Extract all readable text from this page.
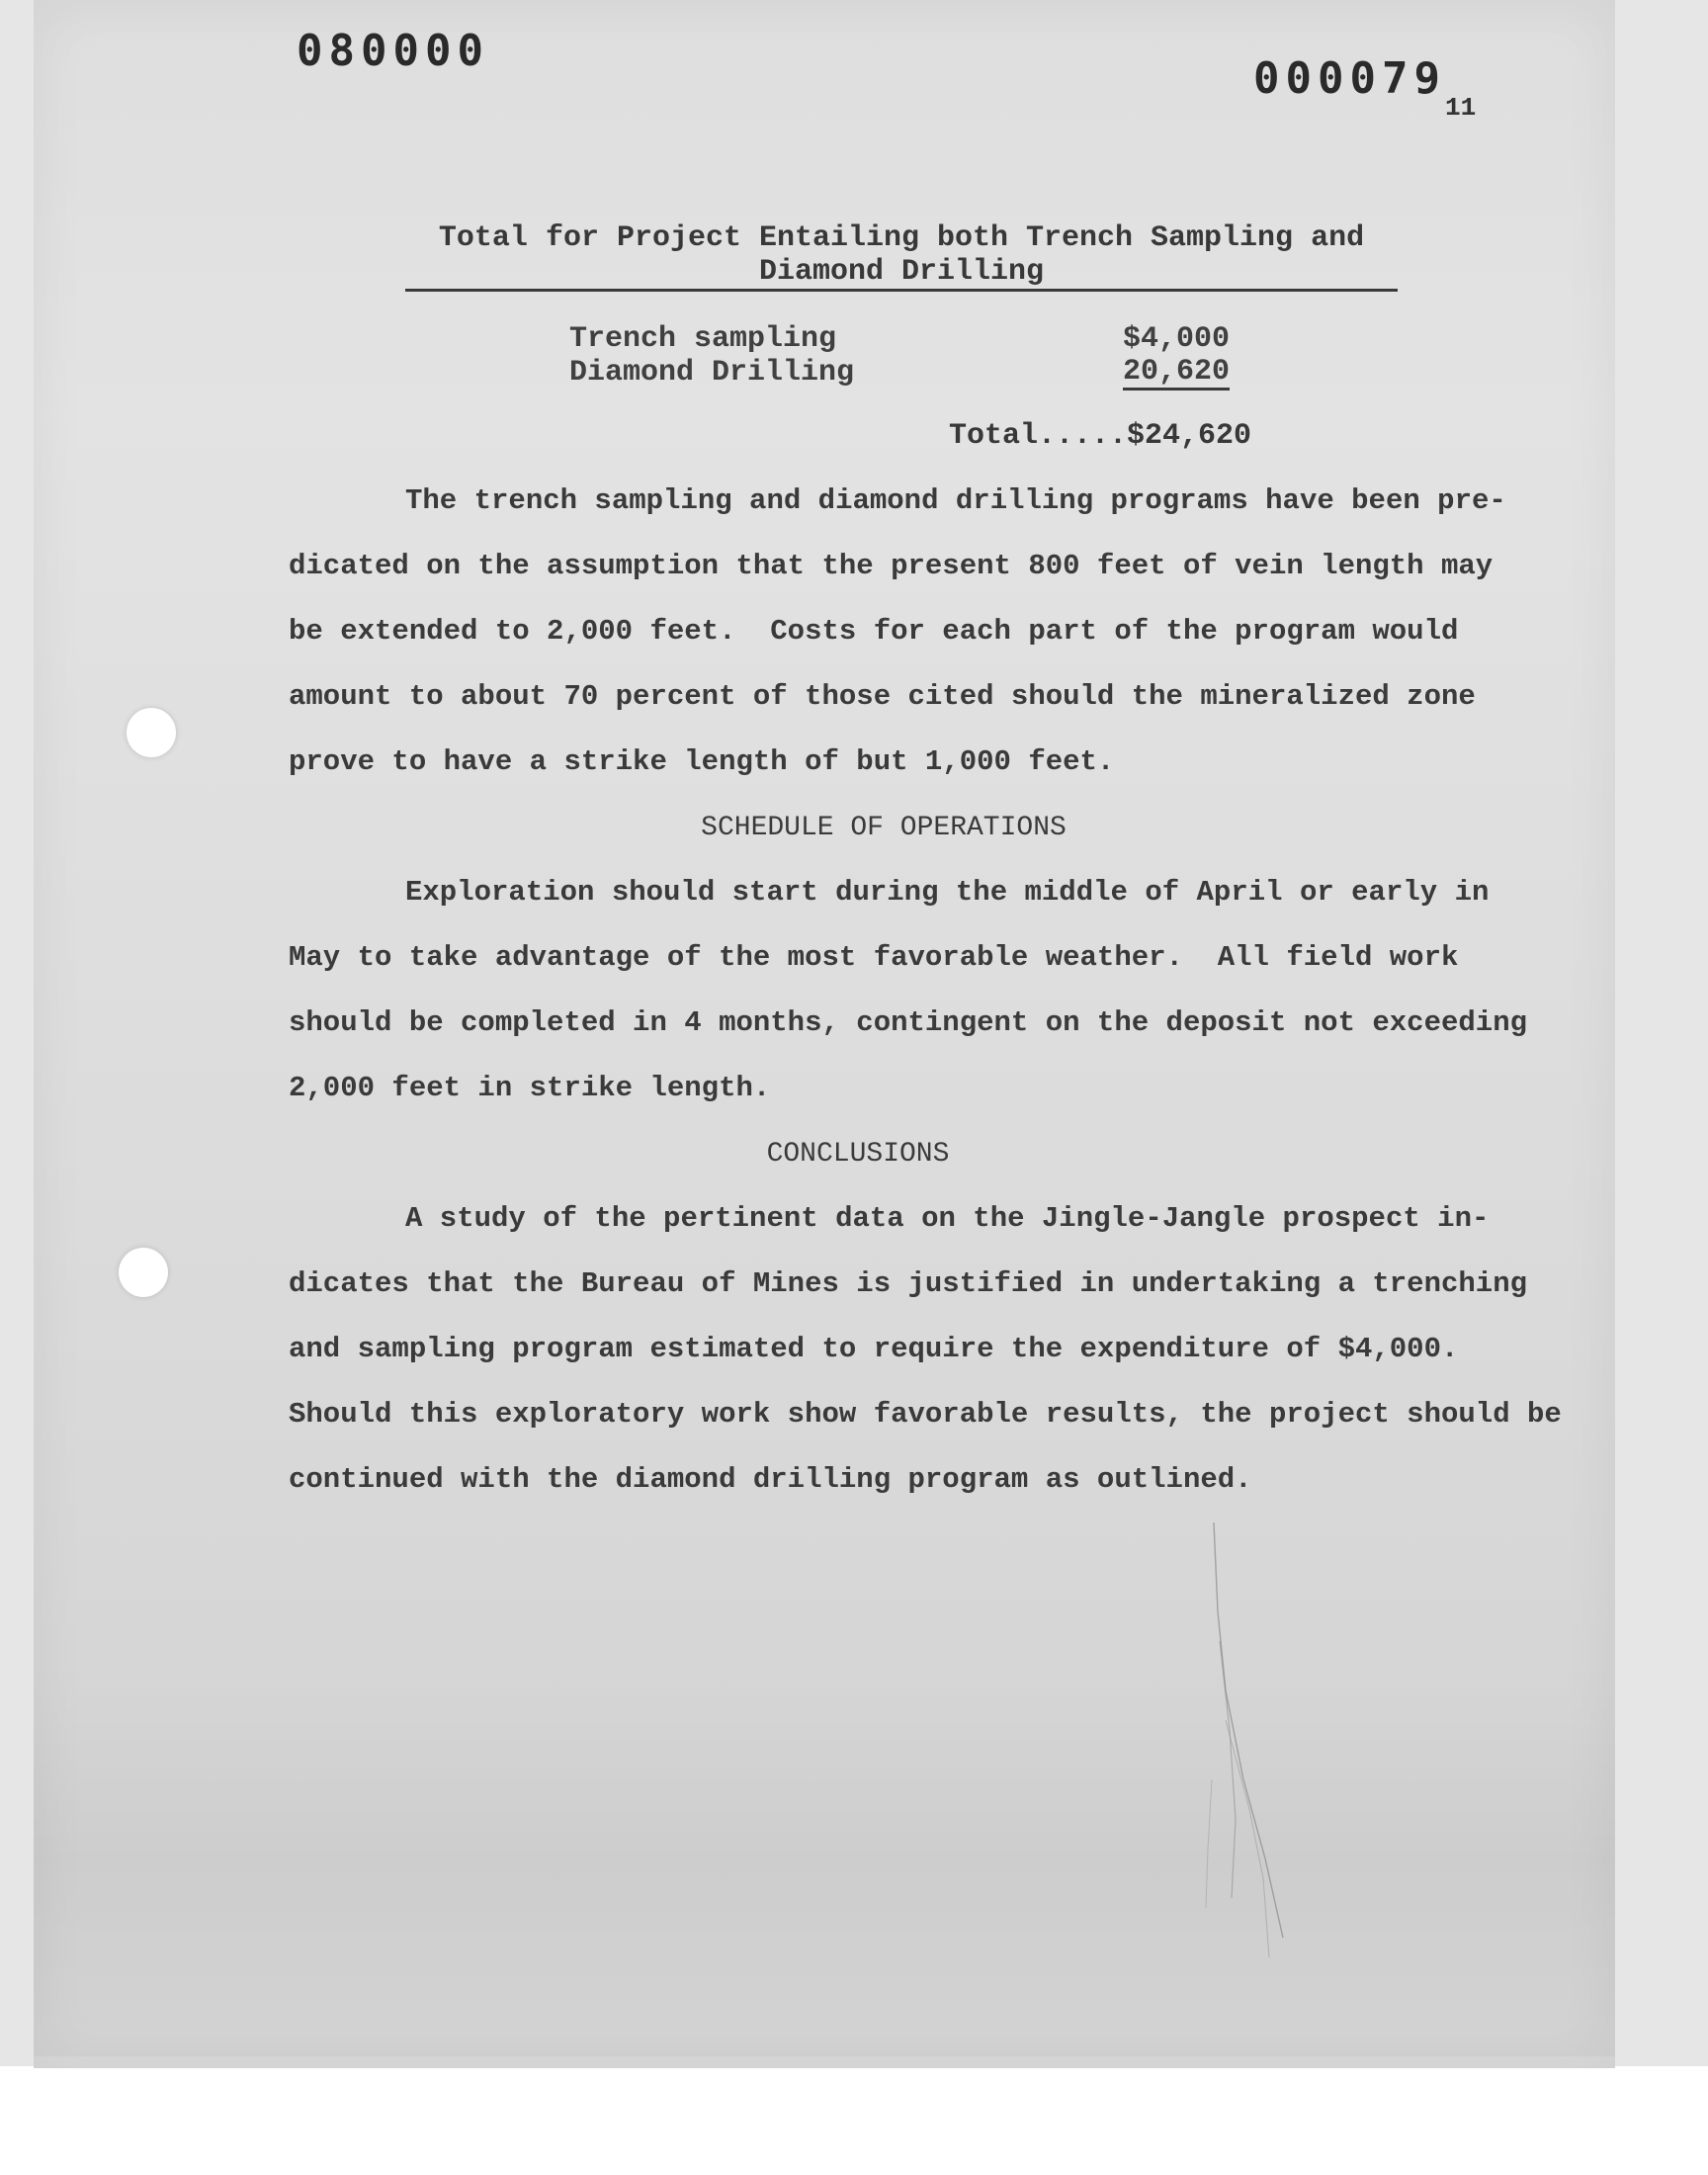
080000
000079
11
Total for Project Entailing both Trench Sampling and Diamond Drilling
Trench sampling	$4,000
Diamond Drilling	20,620
Total.....$24,620
The trench sampling and diamond drilling programs have been pre-
dicated on the assumption that the present 800 feet of vein length may
be extended to 2,000 feet.  Costs for each part of the program would
amount to about 70 percent of those cited should the mineralized zone
prove to have a strike length of but 1,000 feet.
SCHEDULE OF OPERATIONS
Exploration should start during the middle of April or early in
May to take advantage of the most favorable weather.  All field work
should be completed in 4 months, contingent on the deposit not exceeding
2,000 feet in strike length.
CONCLUSIONS
A study of the pertinent data on the Jingle-Jangle prospect in-
dicates that the Bureau of Mines is justified in undertaking a trenching
and sampling program estimated to require the expenditure of $4,000.
Should this exploratory work show favorable results, the project should be
continued with the diamond drilling program as outlined.
